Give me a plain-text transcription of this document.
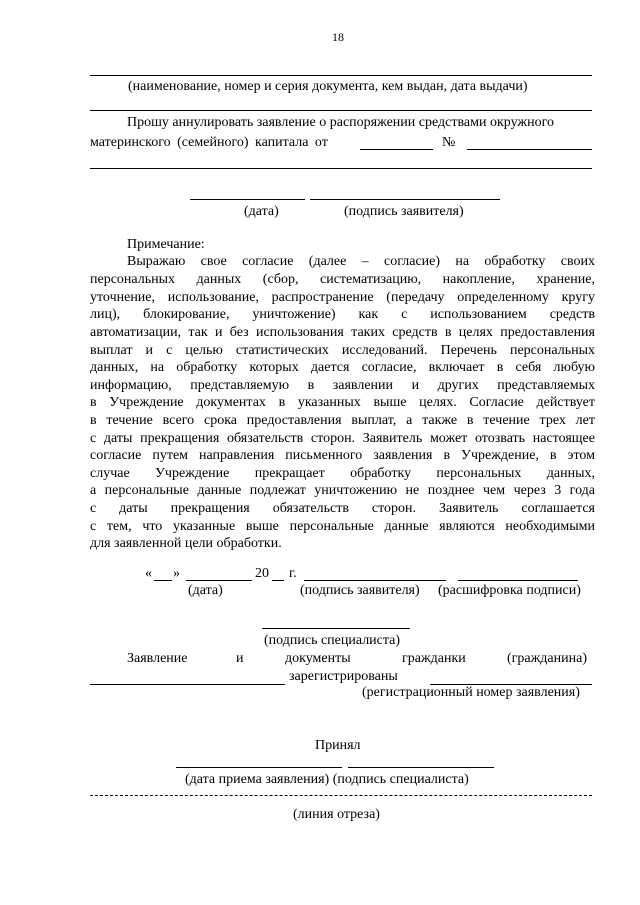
18
(наименование, номер и серия документа, кем выдан, дата выдачи)
Прошу аннулировать заявление о распоряжении средствами окружного
материнского (семейного) капитала от	№
(дата)	(подпись заявителя)
Примечание:
Выражаю свое согласие (далее – согласие) на обработку своих
персональных данных (сбор, систематизацию, накопление, хранение,
уточнение, использование, распространение (передачу определенному кругу
лиц), блокирование, уничтожение) как с использованием средств
автоматизации, так и без использования таких средств в целях предоставления
выплат и с целью статистических исследований. Перечень персональных
данных, на обработку которых дается согласие, включает в себя любую
информацию, представляемую в заявлении и других представляемых
в Учреждение документах в указанных выше целях. Согласие действует
в течение всего срока предоставления выплат, а также в течение трех лет
с даты прекращения обязательств сторон. Заявитель может отозвать настоящее
согласие путем направления письменного заявления в Учреждение, в этом
случае Учреждение прекращает обработку персональных данных,
а персональные данные подлежат уничтожению не позднее чем через 3 года
с даты прекращения обязательств сторон. Заявитель соглашается
с тем, что указанные выше персональные данные являются необходимыми
для заявленной цели обработки.
« »	20 г.
(дата)	(подпись заявителя) (расшифровка подписи)
(подпись специалиста)
Заявление	и	документы	гражданки	(гражданина)
зарегистрированы
(регистрационный номер заявления)
Принял
(дата приема заявления) (подпись специалиста)
(линия отреза)
